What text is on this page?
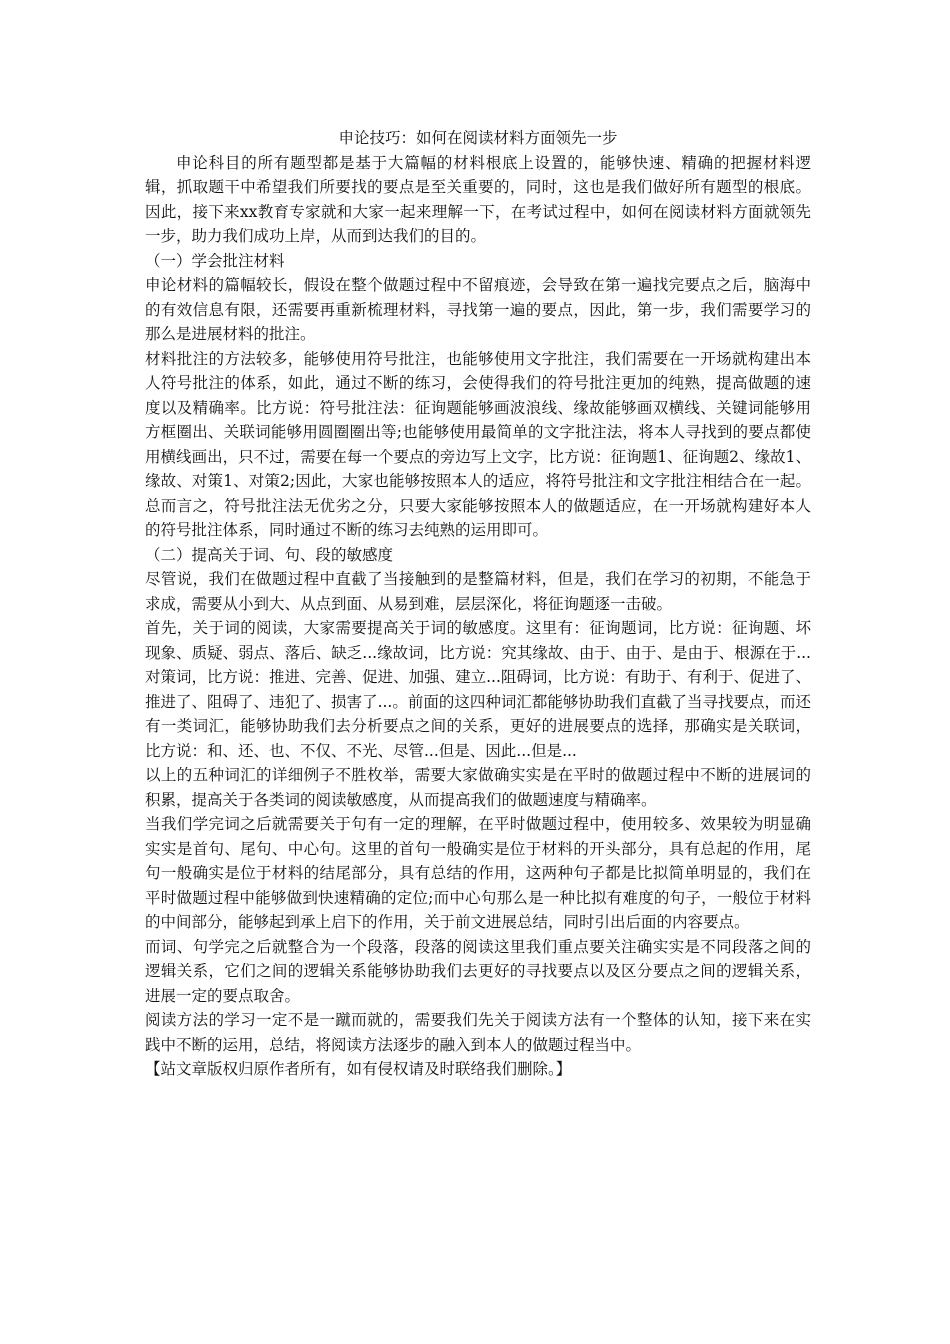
申论技巧：如何在阅读材料方面领先一步

申论科目的所有题型都是基于大篇幅的材料根底上设置的，能够快速、精确的把握材料逻辑，抓取题干中希望我们所要找的要点是至关重要的，同时，这也是我们做好所有题型的根底。因此，接下来xx教育专家就和大家一起来理解一下，在考试过程中，如何在阅读材料方面就领先一步，助力我们成功上岸，从而到达我们的目的。

（一）学会批注材料

申论材料的篇幅较长，假设在整个做题过程中不留痕迹，会导致在第一遍找完要点之后，脑海中的有效信息有限，还需要再重新梳理材料，寻找第一遍的要点，因此，第一步，我们需要学习的那么是进展材料的批注。

材料批注的方法较多，能够使用符号批注，也能够使用文字批注，我们需要在一开场就构建出本人符号批注的体系，如此，通过不断的练习，会使得我们的符号批注更加的纯熟，提高做题的速度以及精确率。比方说：符号批注法：征询题能够画波浪线、缘故能够画双横线、关键词能够用方框圈出、关联词能够用圆圈圈出等;也能够使用最简单的文字批注法，将本人寻找到的要点都使用横线画出，只不过，需要在每一个要点的旁边写上文字，比方说：征询题1、征询题2、缘故1、缘故、对策1、对策2;因此，大家也能够按照本人的适应，将符号批注和文字批注相结合在一起。总而言之，符号批注法无优劣之分，只要大家能够按照本人的做题适应，在一开场就构建好本人的符号批注体系，同时通过不断的练习去纯熟的运用即可。

（二）提高关于词、句、段的敏感度

尽管说，我们在做题过程中直截了当接触到的是整篇材料，但是，我们在学习的初期，不能急于求成，需要从小到大、从点到面、从易到难，层层深化，将征询题逐一击破。

首先，关于词的阅读，大家需要提高关于词的敏感度。这里有：征询题词，比方说：征询题、坏现象、质疑、弱点、落后、缺乏...缘故词，比方说：究其缘故、由于、由于、是由于、根源在于...对策词，比方说：推进、完善、促进、加强、建立...阻碍词，比方说：有助于、有利于、促进了、推进了、阻碍了、违犯了、损害了...。前面的这四种词汇都能够协助我们直截了当寻找要点，而还有一类词汇，能够协助我们去分析要点之间的关系，更好的进展要点的选择，那确实是关联词，比方说：和、还、也、不仅、不光、尽管...但是、因此...但是...

以上的五种词汇的详细例子不胜枚举，需要大家做确实实是在平时的做题过程中不断的进展词的积累，提高关于各类词的阅读敏感度，从而提高我们的做题速度与精确率。

当我们学完词之后就需要关于句有一定的理解，在平时做题过程中，使用较多、效果较为明显确实实是首句、尾句、中心句。这里的首句一般确实是位于材料的开头部分，具有总起的作用，尾句一般确实是位于材料的结尾部分，具有总结的作用，这两种句子都是比拟简单明显的，我们在平时做题过程中能够做到快速精确的定位;而中心句那么是一种比拟有难度的句子，一般位于材料的中间部分，能够起到承上启下的作用，关于前文进展总结，同时引出后面的内容要点。

而词、句学完之后就整合为一个段落，段落的阅读这里我们重点要关注确实实是不同段落之间的逻辑关系，它们之间的逻辑关系能够协助我们去更好的寻找要点以及区分要点之间的逻辑关系，进展一定的要点取舍。

阅读方法的学习一定不是一蹴而就的，需要我们先关于阅读方法有一个整体的认知，接下来在实践中不断的运用，总结，将阅读方法逐步的融入到本人的做题过程当中。

【站文章版权归原作者所有，如有侵权请及时联络我们删除。】
